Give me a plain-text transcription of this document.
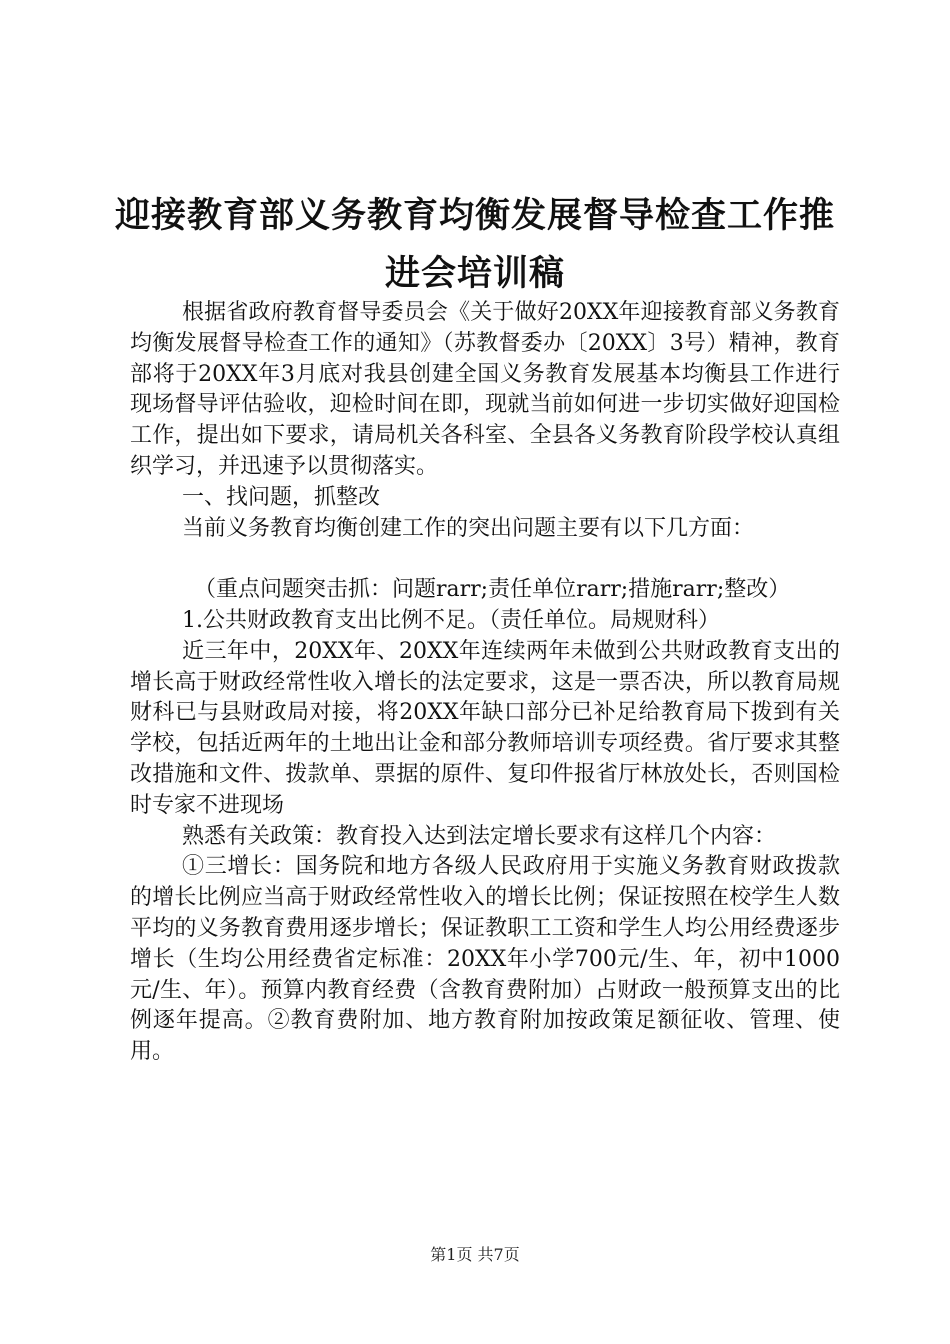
迎接教育部义务教育均衡发展督导检查工作推
进会培训稿

根据省政府教育督导委员会《关于做好20XX年迎接教育部义务教育均衡发展督导检查工作的通知》（苏教督委办〔20XX〕3号）精神，教育部将于20XX年3月底对我县创建全国义务教育发展基本均衡县工作进行现场督导评估验收，迎检时间在即，现就当前如何进一步切实做好迎国检工作，提出如下要求，请局机关各科室、全县各义务教育阶段学校认真组织学习，并迅速予以贯彻落实。

一、找问题，抓整改

当前义务教育均衡创建工作的突出问题主要有以下几方面：

（重点问题突击抓：问题rarr;责任单位rarr;措施rarr;整改）

1.公共财政教育支出比例不足。（责任单位。局规财科）

近三年中，20XX年、20XX年连续两年未做到公共财政教育支出的增长高于财政经常性收入增长的法定要求，这是一票否决，所以教育局规财科已与县财政局对接，将20XX年缺口部分已补足给教育局下拨到有关学校，包括近两年的土地出让金和部分教师培训专项经费。省厅要求其整改措施和文件、拨款单、票据的原件、复印件报省厅林放处长，否则国检时专家不进现场

熟悉有关政策：教育投入达到法定增长要求有这样几个内容：

①三增长：国务院和地方各级人民政府用于实施义务教育财政拨款的增长比例应当高于财政经常性收入的增长比例；保证按照在校学生人数平均的义务教育费用逐步增长；保证教职工工资和学生人均公用经费逐步增长（生均公用经费省定标准：20XX年小学700元/生、年，初中1000元/生、年）。预算内教育经费（含教育费附加）占财政一般预算支出的比例逐年提高。②教育费附加、地方教育附加按政策足额征收、管理、使用。

第1页 共7页
